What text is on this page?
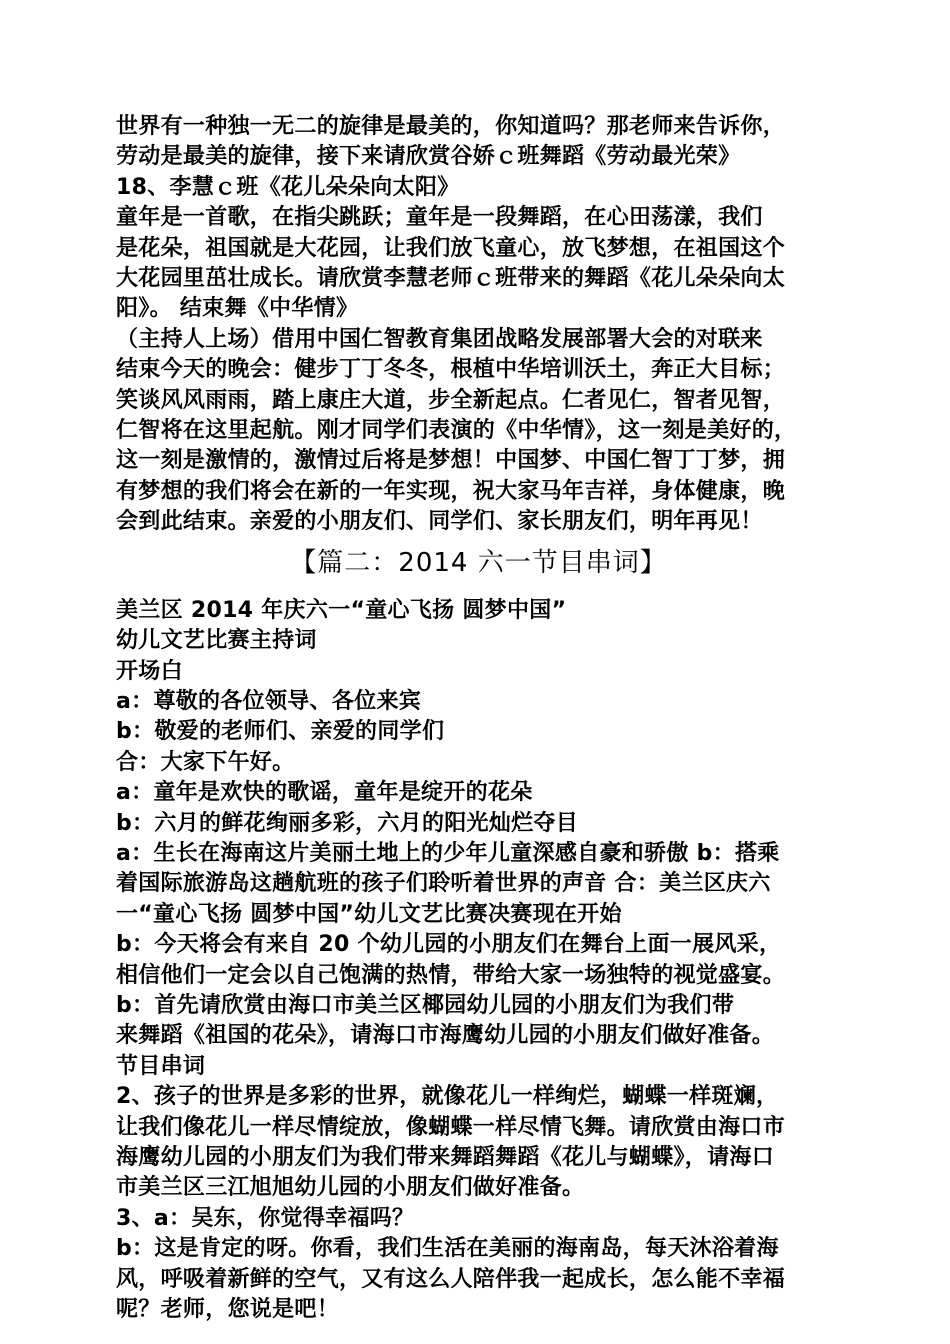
世界有一种独一无二的旋律是最美的，你知道吗？那老师来告诉你，

劳动是最美的旋律，接下来请欣赏谷娇ｃ班舞蹈《劳动最光荣》

18、李慧ｃ班《花儿朵朵向太阳》

童年是一首歌，在指尖跳跃；童年是一段舞蹈，在心田荡漾，我们

是花朵，祖国就是大花园，让我们放飞童心，放飞梦想，在祖国这个

大花园里茁壮成长。请欣赏李慧老师ｃ班带来的舞蹈《花儿朵朵向太

阳》。 结束舞《中华情》

（主持人上场）借用中国仁智教育集团战略发展部署大会的对联来

结束今天的晚会：健步丁丁冬冬，根植中华培训沃土，奔正大目标；

笑谈风风雨雨，踏上康庄大道，步全新起点。仁者见仁，智者见智，

仁智将在这里起航。刚才同学们表演的《中华情》，这一刻是美好的，

这一刻是激情的，激情过后将是梦想！中国梦、中国仁智丁丁梦，拥

有梦想的我们将会在新的一年实现，祝大家马年吉祥，身体健康，晚

会到此结束。亲爱的小朋友们、同学们、家长朋友们，明年再见！

【篇二：2014 六一节目串词】

美兰区 2014 年庆六一“童心飞扬 圆梦中国”

幼儿文艺比赛主持词

开场白

a：尊敬的各位领导、各位来宾

b：敬爱的老师们、亲爱的同学们

合：大家下午好。

a：童年是欢快的歌谣，童年是绽开的花朵

b：六月的鲜花绚丽多彩，六月的阳光灿烂夺目

a：生长在海南这片美丽土地上的少年儿童深感自豪和骄傲 b：搭乘

着国际旅游岛这趟航班的孩子们聆听着世界的声音 合：美兰区庆六

一“童心飞扬 圆梦中国”幼儿文艺比赛决赛现在开始

b：今天将会有来自 20 个幼儿园的小朋友们在舞台上面一展风采，

相信他们一定会以自己饱满的热情，带给大家一场独特的视觉盛宴。

b：首先请欣赏由海口市美兰区椰园幼儿园的小朋友们为我们带

来舞蹈《祖国的花朵》，请海口市海鹰幼儿园的小朋友们做好准备。

节目串词

2、孩子的世界是多彩的世界，就像花儿一样绚烂，蝴蝶一样斑斓，

让我们像花儿一样尽情绽放，像蝴蝶一样尽情飞舞。请欣赏由海口市

海鹰幼儿园的小朋友们为我们带来舞蹈舞蹈《花儿与蝴蝶》，请海口

市美兰区三江旭旭幼儿园的小朋友们做好准备。

3、a：吴东，你觉得幸福吗？

b：这是肯定的呀。你看，我们生活在美丽的海南岛，每天沐浴着海

风，呼吸着新鲜的空气，又有这么人陪伴我一起成长，怎么能不幸福

呢？老师，您说是吧！
